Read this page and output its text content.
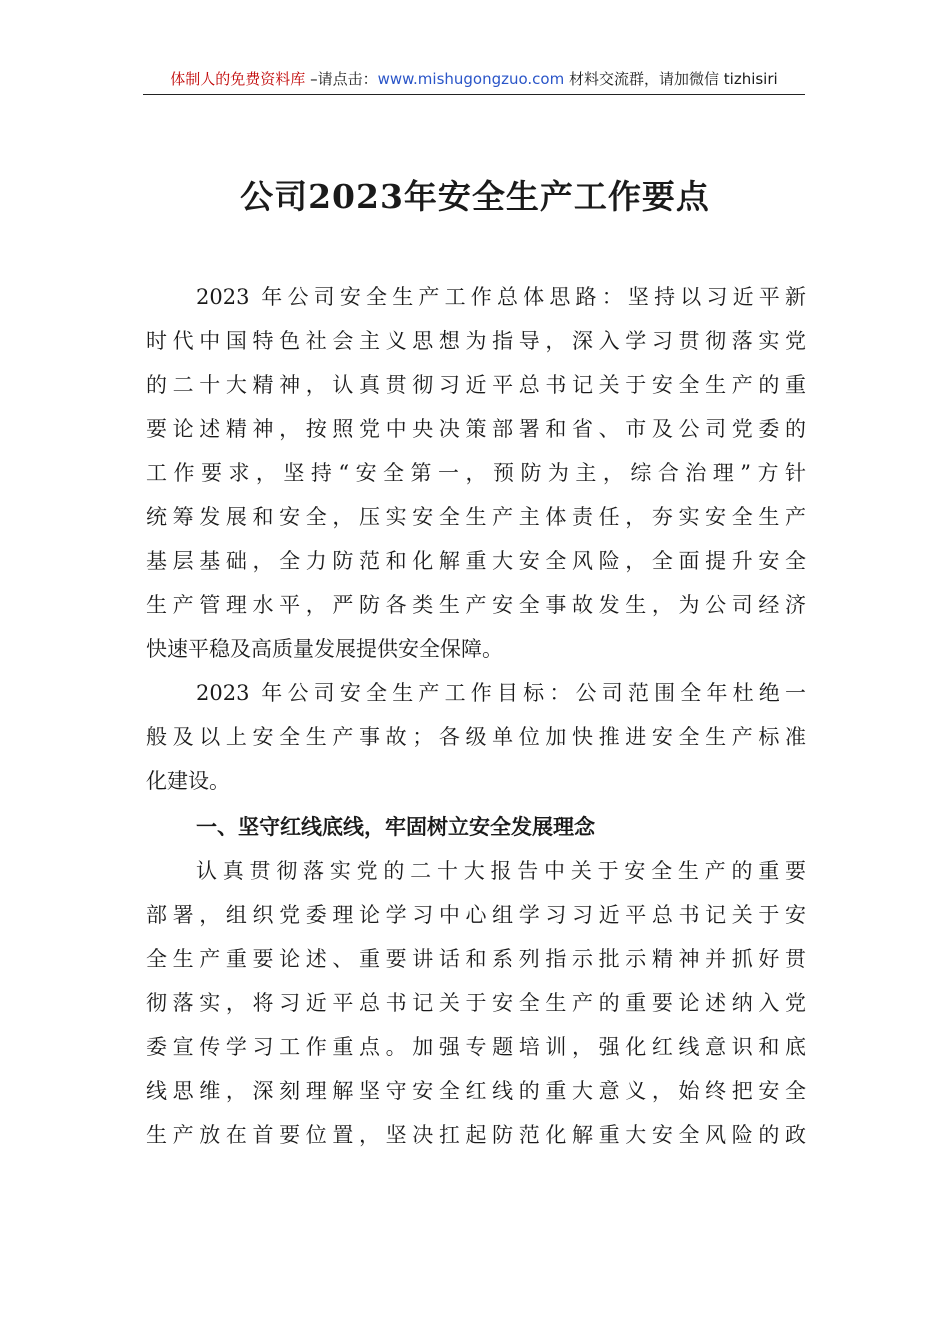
体制人的免费资料库 –请点击：www.mishugongzuo.com 材料交流群，请加微信 tizhisiri
公司2023年安全生产工作要点
2023 年公司安全生产工作总体思路：坚持以习近平新
时代中国特色社会主义思想为指导，深入学习贯彻落实党
的二十大精神，认真贯彻习近平总书记关于安全生产的重
要论述精神，按照党中央决策部署和省、市及公司党委的
工作要求，坚持“安全第一，预防为主，综合治理”方针
统筹发展和安全，压实安全生产主体责任，夯实安全生产
基层基础，全力防范和化解重大安全风险，全面提升安全
生产管理水平，严防各类生产安全事故发生，为公司经济
快速平稳及高质量发展提供安全保障。
2023 年公司安全生产工作目标：公司范围全年杜绝一
般及以上安全生产事故；各级单位加快推进安全生产标准
化建设。
一、坚守红线底线，牢固树立安全发展理念
认真贯彻落实党的二十大报告中关于安全生产的重要
部署，组织党委理论学习中心组学习习近平总书记关于安
全生产重要论述、重要讲话和系列指示批示精神并抓好贯
彻落实，将习近平总书记关于安全生产的重要论述纳入党
委宣传学习工作重点。加强专题培训，强化红线意识和底
线思维，深刻理解坚守安全红线的重大意义，始终把安全
生产放在首要位置，坚决扛起防范化解重大安全风险的政
